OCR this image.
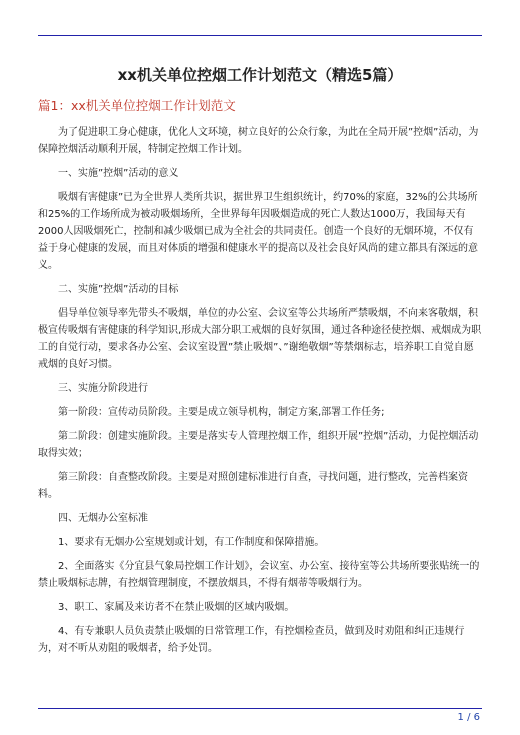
xx机关单位控烟工作计划范文（精选5篇）
篇1：xx机关单位控烟工作计划范文

为了促进职工身心健康，优化人文环境，树立良好的公众行象，为此在全局开展”控烟”活动，为保障控烟活动顺利开展，特制定控烟工作计划。

一、实施”控烟”活动的意义

吸烟有害健康”已为全世界人类所共识，据世界卫生组织统计，约70%的家庭，32%的公共场所和25%的工作场所成为被动吸烟场所，全世界每年因吸烟造成的死亡人数达1000万，我国每天有2000人因吸烟死亡，控制和减少吸烟已成为全社会的共同责任。创造一个良好的无烟环境，不仅有益于身心健康的发展，而且对体质的增强和健康水平的提高以及社会良好风尚的建立都具有深远的意义。

二、实施”控烟”活动的目标

倡导单位领导率先带头不吸烟，单位的办公室、会议室等公共场所严禁吸烟，不向来客敬烟，积极宣传吸烟有害健康的科学知识,形成大部分职工戒烟的良好氛围，通过各种途径使控烟、戒烟成为职工的自觉行动，要求各办公室、会议室设置”禁止吸烟”、”谢绝敬烟”等禁烟标志，培养职工自觉自愿戒烟的良好习惯。

三、实施分阶段进行

第一阶段：宣传动员阶段。主要是成立领导机构，制定方案,部署工作任务;

第二阶段：创建实施阶段。主要是落实专人管理控烟工作，组织开展”控烟”活动，力促控烟活动取得实效；

第三阶段：自查整改阶段。主要是对照创建标准进行自查，寻找问题，进行整改，完善档案资料。

四、无烟办公室标准

1、要求有无烟办公室规划或计划，有工作制度和保障措施。

2、全面落实《分宜县气象局控烟工作计划》，会议室、办公室、接待室等公共场所要张贴统一的禁止吸烟标志牌，有控烟管理制度，不摆放烟具，不得有烟蒂等吸烟行为。

3、职工、家属及来访者不在禁止吸烟的区域内吸烟。

4、有专兼职人员负责禁止吸烟的日常管理工作，有控烟检查员，做到及时劝阻和纠正违规行为，对不听从劝阻的吸烟者，给予处罚。

1 / 6
